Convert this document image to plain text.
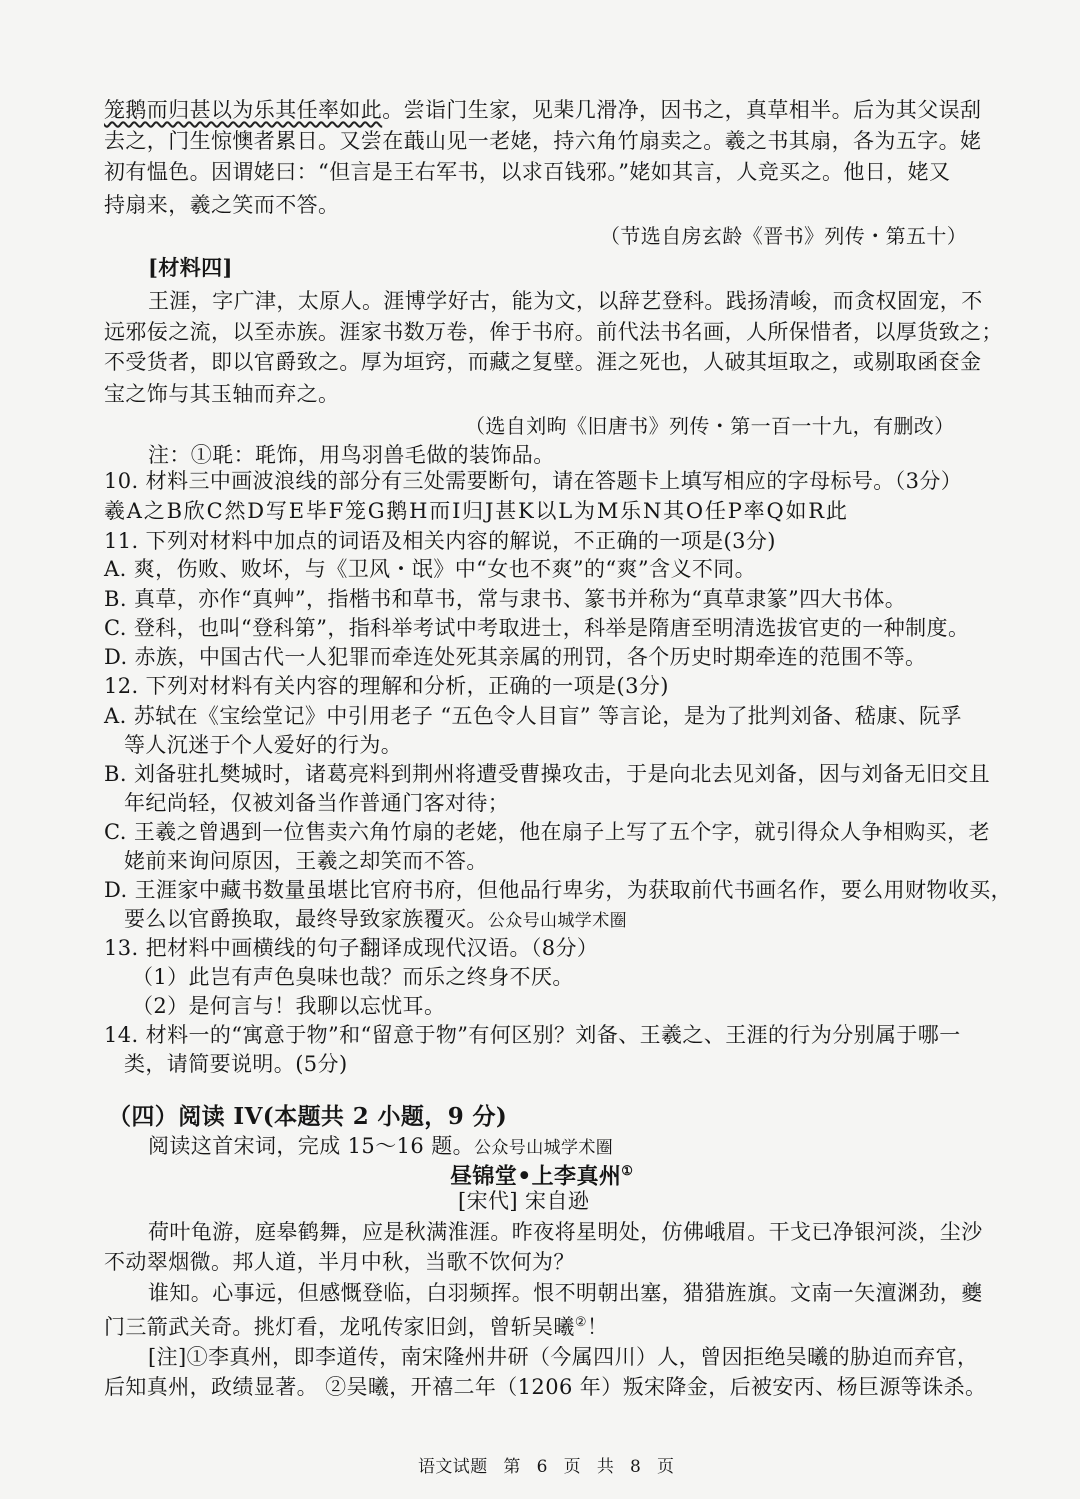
笼鹅而归甚以为乐其任率如此。尝诣门生家，见棐几滑净，因书之，真草相半。后为其父误刮
去之，门生惊懊者累日。又尝在蕺山见一老姥，持六角竹扇卖之。羲之书其扇，各为五字。姥
初有愠色。因谓姥曰：“但言是王右军书，以求百钱邪。”姥如其言，人竞买之。他日，姥又
持扇来，羲之笑而不答。
（节选自房玄龄《晋书》列传・第五十）
[材料四]
王涯，字广津，太原人。涯博学好古，能为文，以辞艺登科。践扬清峻，而贪权固宠，不
远邪佞之流，以至赤族。涯家书数万卷，侔于书府。前代法书名画，人所保惜者，以厚货致之；
不受货者，即以官爵致之。厚为垣窍，而藏之复壁。涯之死也，人破其垣取之，或剔取函奁金
宝之饰与其玉轴而弃之。
（选自刘昫《旧唐书》列传・第一百一十九，有删改）
注：①毦：毦饰，用鸟羽兽毛做的装饰品。
10. 材料三中画波浪线的部分有三处需要断句，请在答题卡上填写相应的字母标号。（3分）
羲A之B欣C然D写E毕F笼G鹅H而I归J甚K以L为M乐N其O任P率Q如R此
11. 下列对材料中加点的词语及相关内容的解说，不正确的一项是(3分)
A. 爽，伤败、败坏，与《卫风・氓》中“女也不爽”的“爽”含义不同。
B. 真草，亦作“真艸”，指楷书和草书，常与隶书、篆书并称为“真草隶篆”四大书体。
C. 登科，也叫“登科第”，指科举考试中考取进士，科举是隋唐至明清选拔官吏的一种制度。
D. 赤族，中国古代一人犯罪而牵连处死其亲属的刑罚，各个历史时期牵连的范围不等。
12. 下列对材料有关内容的理解和分析，正确的一项是(3分)
A. 苏轼在《宝绘堂记》中引用老子 “五色令人目盲” 等言论，是为了批判刘备、嵇康、阮孚
等人沉迷于个人爱好的行为。
B. 刘备驻扎樊城时，诸葛亮料到荆州将遭受曹操攻击，于是向北去见刘备，因与刘备无旧交且
年纪尚轻，仅被刘备当作普通门客对待；
C. 王羲之曾遇到一位售卖六角竹扇的老姥，他在扇子上写了五个字，就引得众人争相购买，老
姥前来询问原因，王羲之却笑而不答。
D. 王涯家中藏书数量虽堪比官府书府，但他品行卑劣，为获取前代书画名作，要么用财物收买，
要么以官爵换取，最终导致家族覆灭。公众号山城学术圈
13. 把材料中画横线的句子翻译成现代汉语。（8分）
（1）此岂有声色臭味也哉？而乐之终身不厌。
（2）是何言与！我聊以忘忧耳。
14. 材料一的“寓意于物”和“留意于物”有何区别？刘备、王羲之、王涯的行为分别属于哪一
类，请简要说明。(5分)
（四）阅读 IV(本题共 2 小题，9 分)
阅读这首宋词，完成 15～16 题。公众号山城学术圈
昼锦堂•上李真州①
[宋代] 宋自逊
荷叶龟游，庭皋鹤舞，应是秋满淮涯。昨夜将星明处，仿佛峨眉。干戈已净银河淡，尘沙
不动翠烟微。邦人道，半月中秋，当歌不饮何为？
谁知。心事远，但感慨登临，白羽频挥。恨不明朝出塞，猎猎旌旗。文南一矢澶渊劲，夔
门三箭武关奇。挑灯看，龙吼传家旧剑，曾斩吴曦②！
[注]①李真州，即李道传，南宋隆州井研（今属四川）人，曾因拒绝吴曦的胁迫而弃官，
后知真州，政绩显著。 ②吴曦，开禧二年（1206 年）叛宋降金，后被安丙、杨巨源等诛杀。
语文试题 第 6 页 共 8 页
